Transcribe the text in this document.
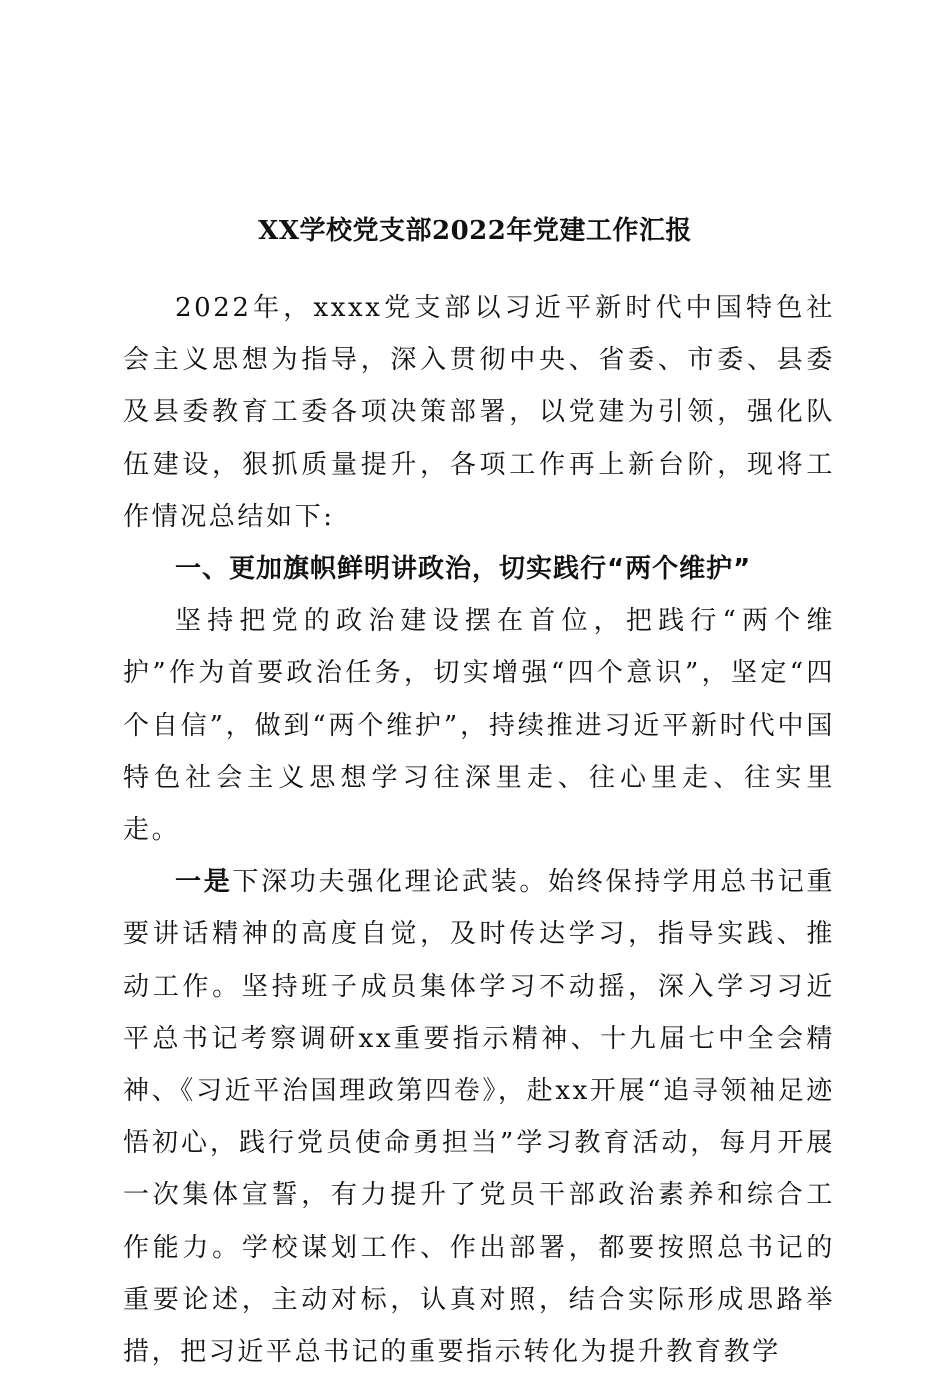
XX学校党支部2022年党建工作汇报

2022年，xxxx党支部以习近平新时代中国特色社会主义思想为指导，深入贯彻中央、省委、市委、县委及县委教育工委各项决策部署，以党建为引领，强化队伍建设，狠抓质量提升，各项工作再上新台阶，现将工作情况总结如下:

一、更加旗帜鲜明讲政治，切实践行“两个维护”

坚持把党的政治建设摆在首位，把践行“两个维护”作为首要政治任务，切实增强“四个意识”，坚定“四个自信”，做到“两个维护”，持续推进习近平新时代中国特色社会主义思想学习往深里走、往心里走、往实里走。

一是下深功夫强化理论武装。始终保持学用总书记重要讲话精神的高度自觉，及时传达学习，指导实践、推动工作。坚持班子成员集体学习不动摇，深入学习习近平总书记考察调研xx重要指示精神、十九届七中全会精神、《习近平治国理政第四卷》，赴xx开展“追寻领袖足迹悟初心，践行党员使命勇担当”学习教育活动，每月开展一次集体宣誓，有力提升了党员干部政治素养和综合工作能力。学校谋划工作、作出部署，都要按照总书记的重要论述，主动对标，认真对照，结合实际形成思路举措，把习近平总书记的重要指示转化为提升教育教学
